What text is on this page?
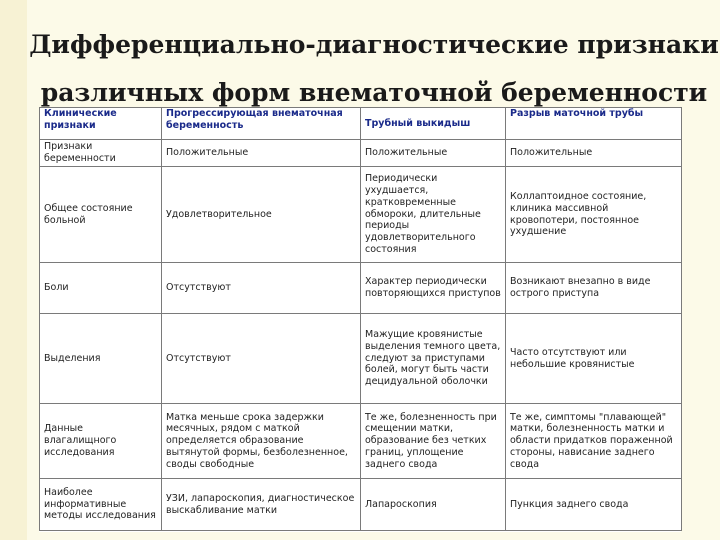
Дифференциально-диагностические признаки
различных форм внематочной беременности
Клинические признаки	Прогрессирующая внематочная беременность	Трубный выкидыш	Разрыв маточной трубы
Признаки беременности	Положительные	Положительные	Положительные
Общее состояние больной	Удовлетворительное	Периодически ухудшается, кратковременные обмороки, длительные периоды удовлетворительного состояния	Коллаптоидное состояние, клиника массивной кровопотери, постоянное ухудшение
Боли	Отсутствуют	Характер периодически повторяющихся приступов	Возникают внезапно в виде острого приступа
Выделения	Отсутствуют	Мажущие кровянистые выделения темного цвета, следуют за приступами болей, могут быть части децидуальной оболочки	Часто отсутствуют или небольшие кровянистые
Данные влагалищного исследования	Матка меньше срока задержки месячных, рядом с маткой определяется образование вытянутой формы, безболезненное, своды свободные	Те же, болезненность при смещении матки, образование без четких границ, уплощение заднего свода	Те же, симптомы "плавающей" матки, болезненность матки и области придатков пораженной стороны, нависание заднего свода
Наиболее информативные методы исследования	УЗИ, лапароскопия, диагностическое выскабливание матки	Лапароскопия	Пункция заднего свода
